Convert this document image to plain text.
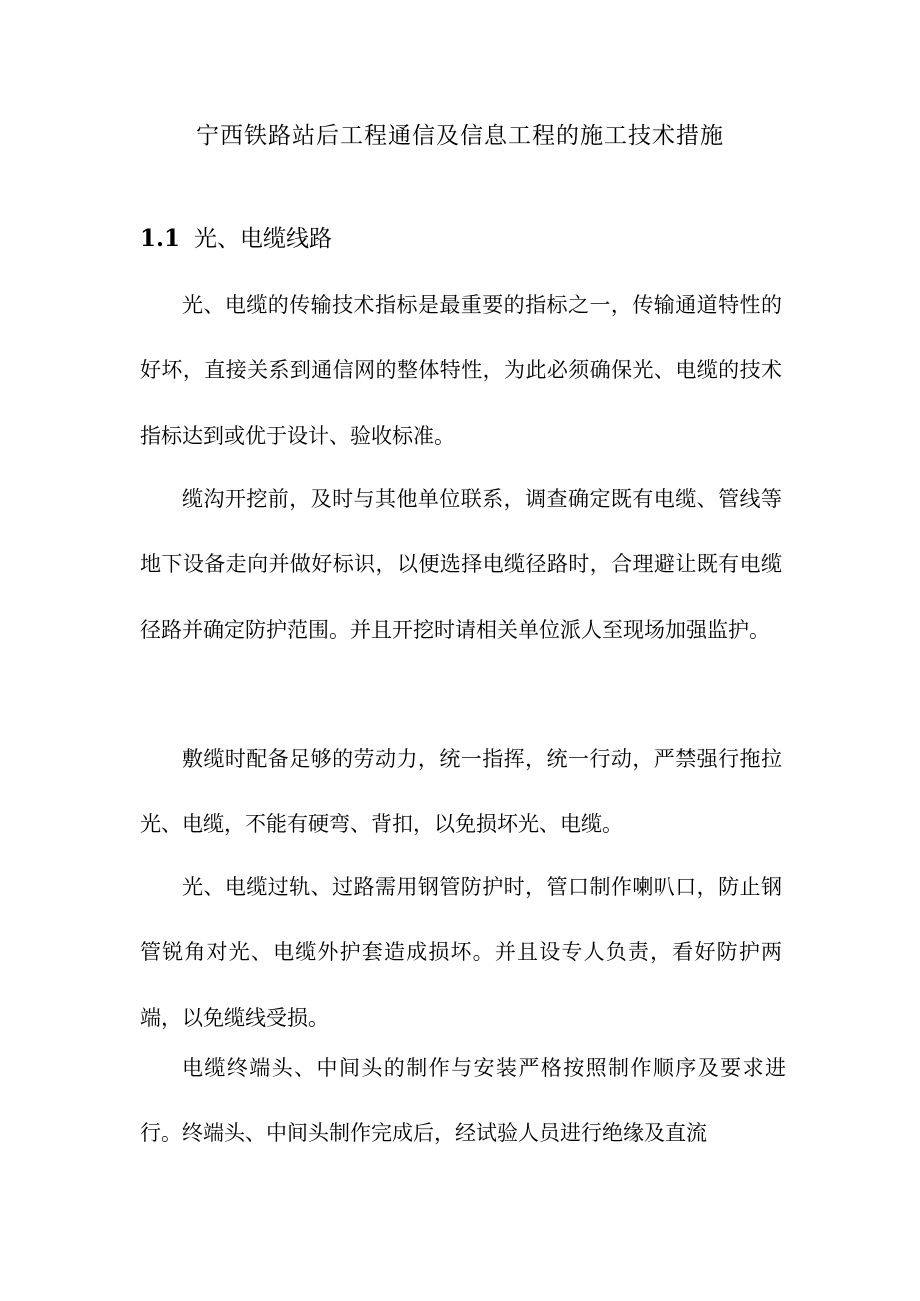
宁西铁路站后工程通信及信息工程的施工技术措施
1.1 光、电缆线路

光、电缆的传输技术指标是最重要的指标之一，传输通道特性的好坏，直接关系到通信网的整体特性，为此必须确保光、电缆的技术指标达到或优于设计、验收标准。

缆沟开挖前，及时与其他单位联系，调查确定既有电缆、管线等地下设备走向并做好标识，以便选择电缆径路时，合理避让既有电缆径路并确定防护范围。并且开挖时请相关单位派人至现场加强监护。

敷缆时配备足够的劳动力，统一指挥，统一行动，严禁强行拖拉光、电缆，不能有硬弯、背扣，以免损坏光、电缆。

光、电缆过轨、过路需用钢管防护时，管口制作喇叭口，防止钢管锐角对光、电缆外护套造成损坏。并且设专人负责，看好防护两端，以免缆线受损。

电缆终端头、中间头的制作与安装严格按照制作顺序及要求进行。终端头、中间头制作完成后，经试验人员进行绝缘及直流
